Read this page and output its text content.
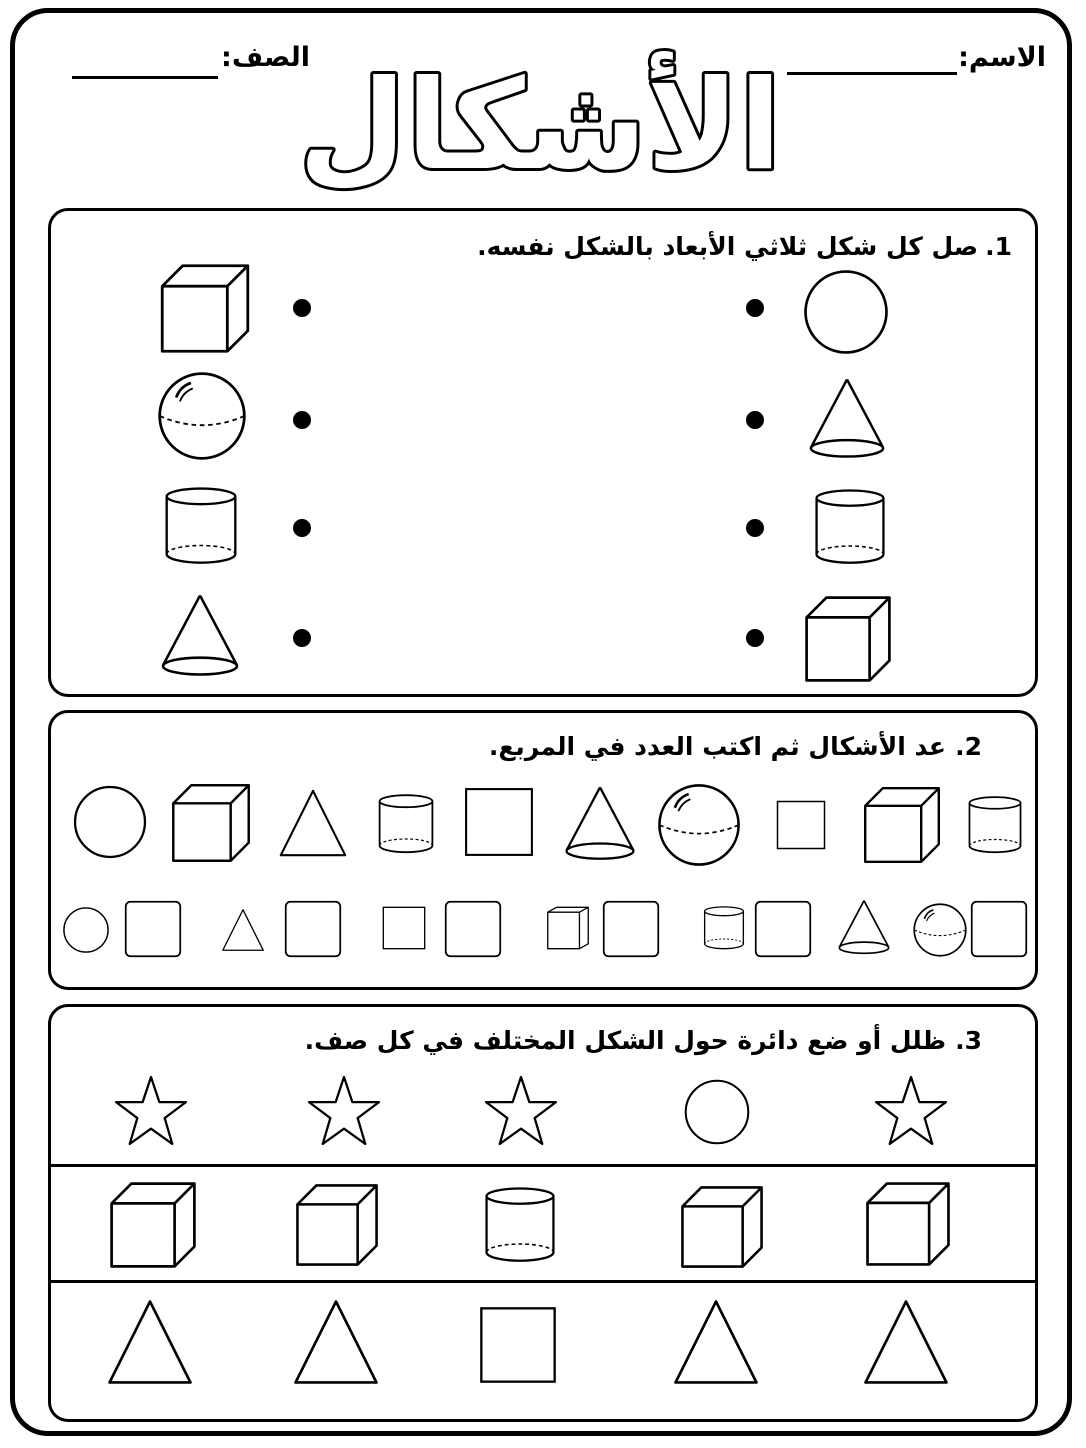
الاسم:
الصف:
الأشكال
صل كل شكل ثلاثي الأبعاد بالشكل نفسه. 1.
عد الأشكال ثم اكتب العدد في المربع. 2.
ظلل أو ضع دائرة حول الشكل المختلف في كل صف. 3.
